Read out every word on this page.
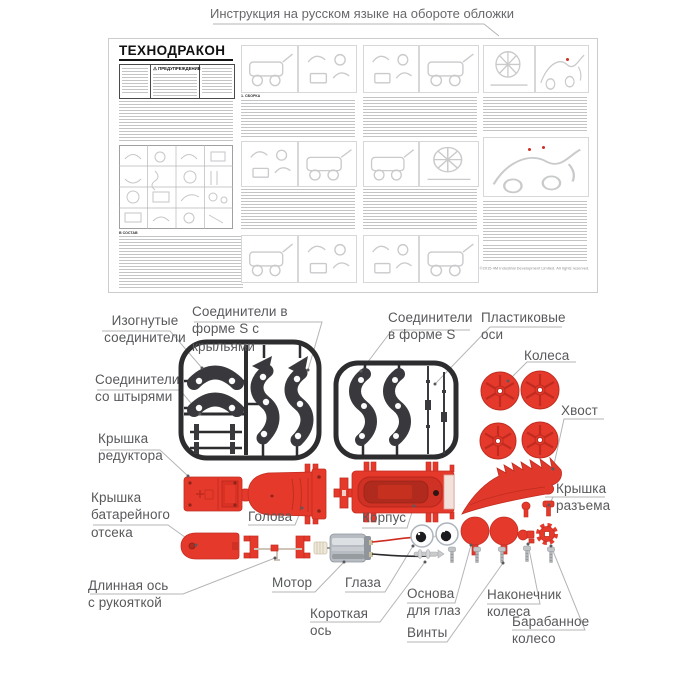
Инструкция на русском языке на обороте обложки
ТЕХНОДРАКОН
⚠ ПРЕДУПРЕЖДЕНИЕ
В СОСТАВ
1. СБОРКА
©2015 4M Industrial Development Limited. All rights reserved.
Изогнутые соединители
Соединители в форме S с крыльями
Соединители со штырями
Соединители в форме S
Пластиковые оси
Колеса
Хвост
Крышка редуктора
Крышка батарейного отсека
Голова	Корпус
Длинная ось с рукояткой
Мотор	Глаза
Короткая ось
Основа для глаз
Винты
Наконечник колеса
Барабанное колесо
Крышка разъема
